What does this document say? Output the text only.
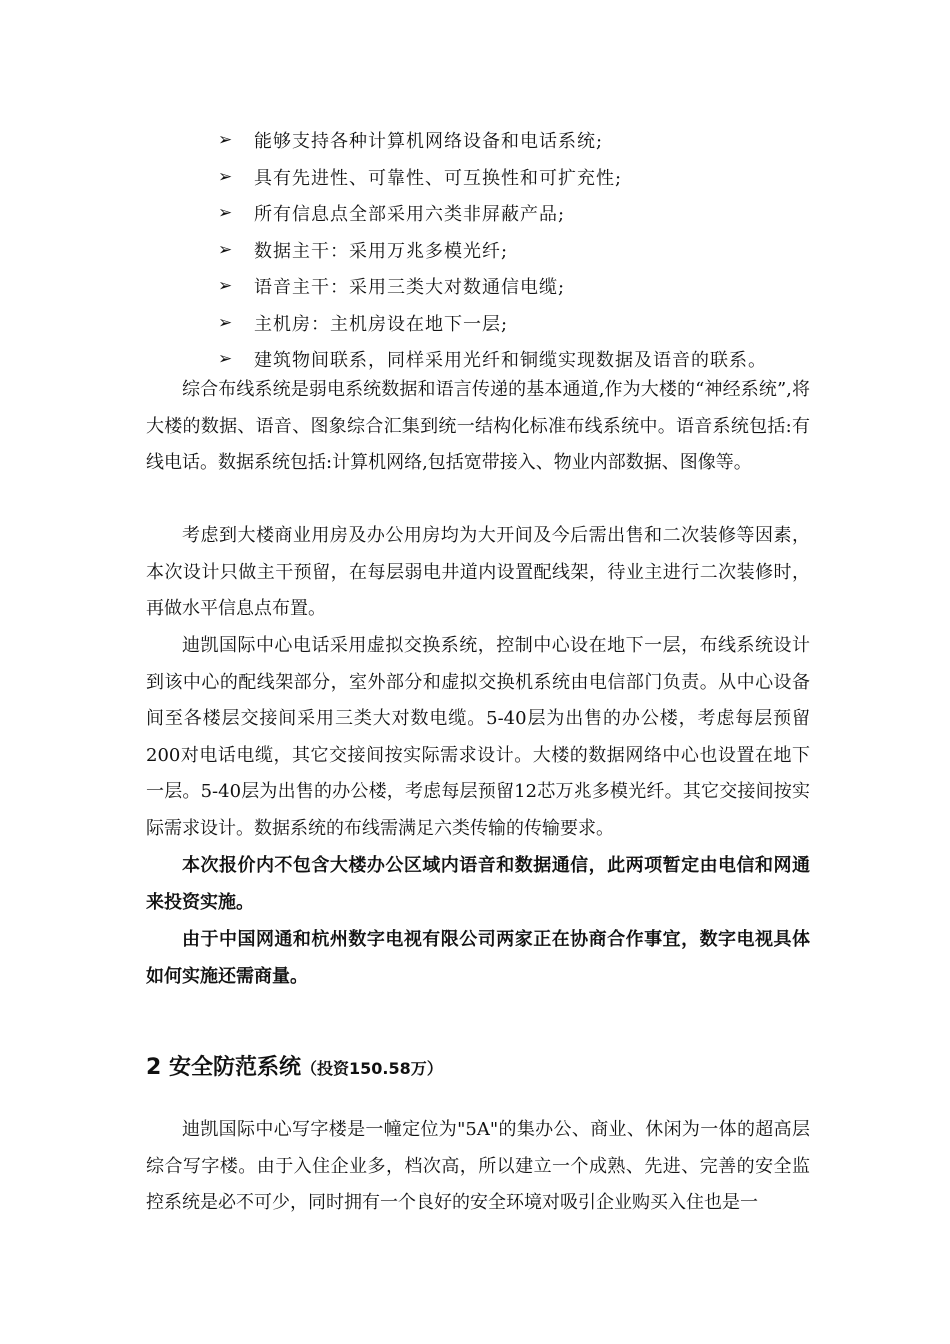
➢	能够支持各种计算机网络设备和电话系统;
➢	具有先进性、可靠性、可互换性和可扩充性;
➢	所有信息点全部采用六类非屏蔽产品;
➢	数据主干：采用万兆多模光纤;
➢	语音主干：采用三类大对数通信电缆;
➢	主机房：主机房设在地下一层;
➢	建筑物间联系，同样采用光纤和铜缆实现数据及语音的联系。

综合布线系统是弱电系统数据和语言传递的基本通道,作为大楼的“神经系统”,将大楼的数据、语音、图象综合汇集到统一结构化标准布线系统中。语音系统包括:有线电话。数据系统包括:计算机网络,包括宽带接入、物业内部数据、图像等。

考虑到大楼商业用房及办公用房均为大开间及今后需出售和二次装修等因素，本次设计只做主干预留，在每层弱电井道内设置配线架，待业主进行二次装修时，再做水平信息点布置。

迪凯国际中心电话采用虚拟交换系统，控制中心设在地下一层，布线系统设计到该中心的配线架部分，室外部分和虚拟交换机系统由电信部门负责。从中心设备间至各楼层交接间采用三类大对数电缆。5-40层为出售的办公楼，考虑每层预留200对电话电缆，其它交接间按实际需求设计。大楼的数据网络中心也设置在地下一层。5-40层为出售的办公楼，考虑每层预留12芯万兆多模光纤。其它交接间按实际需求设计。数据系统的布线需满足六类传输的传输要求。

本次报价内不包含大楼办公区域内语音和数据通信，此两项暂定由电信和网通来投资实施。

由于中国网通和杭州数字电视有限公司两家正在协商合作事宜，数字电视具体如何实施还需商量。

2 安全防范系统（投资150.58万）

迪凯国际中心写字楼是一幢定位为"5A"的集办公、商业、休闲为一体的超高层综合写字楼。由于入住企业多，档次高，所以建立一个成熟、先进、完善的安全监控系统是必不可少，同时拥有一个良好的安全环境对吸引企业购买入住也是一
